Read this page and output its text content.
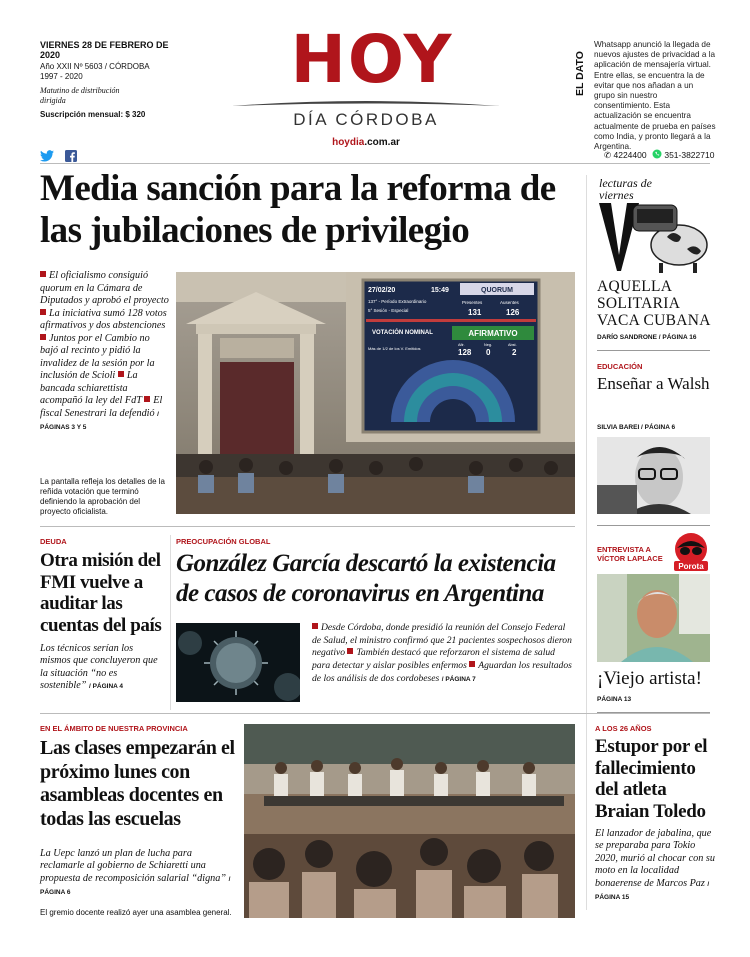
VIERNES 28 DE FEBRERO DE 2020
Año XXII Nº 5603 / CÓRDOBA
1997 - 2020
Matutino de distribución dirigida
Suscripción mensual: $ 320
HOY
DÍA CÓRDOBA
hoydia.com.ar
EL DATO
Whatsapp anunció la llegada de nuevos ajustes de privacidad a la aplicación de mensajería virtual. Entre ellas, se encuentra la de evitar que nos añadan a un grupo sin nuestro consentimiento. Esta actualización se encuentra actualmente de prueba en países como India, y pronto llegará a la Argentina.

✆ 4224400 351-3822710
Media sanción para la reforma de las jubilaciones de privilegio
El oficialismo consiguió quorum en la Cámara de Diputados y aprobó el proyecto La iniciativa sumó 128 votos afirmativos y dos abstenciones Juntos por el Cambio no bajó al recinto y pidió la invalidez de la sesión por la inclusión de Scioli La bancada schiarettista acompañó la ley del FdT El fiscal Senestrari la defendió / PÁGINAS 3 Y 5
La pantalla refleja los detalles de la reñida votación que terminó definiendo la aprobación del proyecto oficialista.
27/02/20	15:49	QUORUM
137° - Período Extraordinario
5° Sesión - Especial
Presentes	Ausentes
131	126
VOTACIÓN NOMINAL
Más de 1/2 de los V. Emitidos
AFIRMATIVO
Afir.	Neg.	Abst.
128 0	2
lecturas de
viernes
AQUELLA SOLITARIA VACA CUBANA
DARÍO SANDRONE / PÁGINA 16
EDUCACIÓN
Enseñar a Walsh
SILVIA BAREI / PÁGINA 6
ENTREVISTA A VÍCTOR LAPLACE
Porota
¡Viejo artista!
PÁGINA 13
A LOS 26 AÑOS
Estupor por el fallecimiento del atleta Braian Toledo
El lanzador de jabalina, que se preparaba para Tokio 2020, murió al chocar con su moto en la localidad bonaerense de Marcos Paz / PÁGINA 15
DEUDA
Otra misión del FMI vuelve a auditar las cuentas del país
Los técnicos serían los mismos que concluyeron que la situación “no es sostenible” / PÁGINA 4
PREOCUPACIÓN GLOBAL
González García descartó la existencia de casos de coronavirus en Argentina
Desde Córdoba, donde presidió la reunión del Consejo Federal de Salud, el ministro confirmó que 21 pacientes sospechosos dieron negativo También destacó que reforzaron el sistema de salud para detectar y aislar posibles enfermos Aguardan los resultados de los análisis de dos cordobeses / PÁGINA 7
EN EL ÁMBITO DE NUESTRA PROVINCIA
Las clases empezarán el próximo lunes con asambleas docentes en todas las escuelas
La Uepc lanzó un plan de lucha para reclamarle al gobierno de Schiaretti una propuesta de recomposición salarial “digna” / PÁGINA 6
El gremio docente realizó ayer una asamblea general.
